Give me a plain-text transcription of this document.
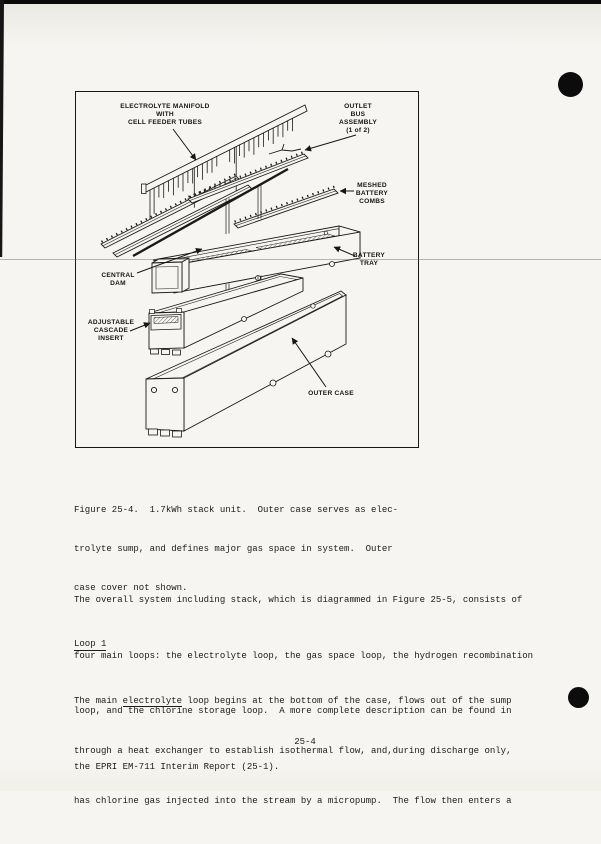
ELECTROLYTE MANIFOLD
WITH
CELL FEEDER TUBES
OUTLET
BUS
ASSEMBLY
(1 of 2)
MESHED
BATTERY
COMBS
BATTERY
TRAY
CENTRAL
DAM
ADJUSTABLE
CASCADE
INSERT
OUTER CASE

Figure 25-4.  1.7kWh stack unit.  Outer case serves as elec-

trolyte sump, and defines major gas space in system.  Outer

case cover not shown.

The overall system including stack, which is diagrammed in Figure 25-5, consists of

four main loops: the electrolyte loop, the gas space loop, the hydrogen recombination

loop, and the chlorine storage loop.  A more complete description can be found in

the EPRI EM-711 Interim Report (25-1).

Loop 1

The main electrolyte loop begins at the bottom of the case, flows out of the sump

through a heat exchanger to establish isothermal flow, and,during discharge only,

has chlorine gas injected into the stream by a micropump.  The flow then enters a

25-4
